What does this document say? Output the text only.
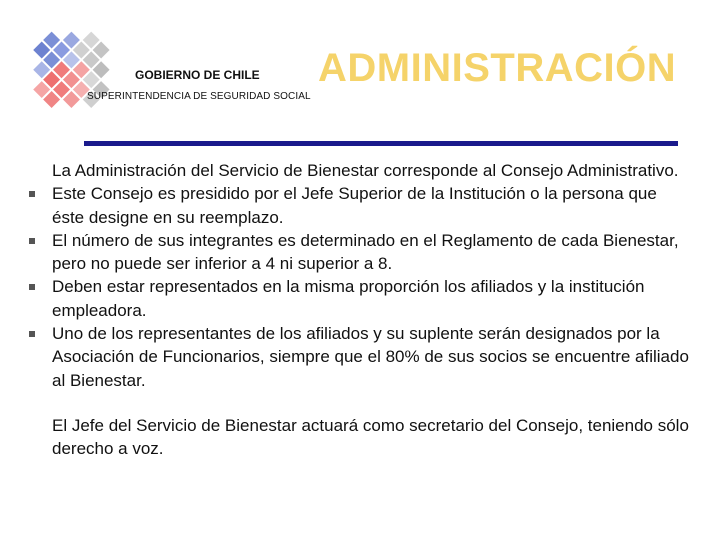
GOBIERNO DE CHILE
SUPERINTENDENCIA DE SEGURIDAD SOCIAL
ADMINISTRACIÓN

La Administración del Servicio de Bienestar corresponde al Consejo Administrativo.

Este Consejo es presidido por el Jefe Superior de la Institución o la persona que éste designe en su reemplazo.

El número de sus integrantes es determinado en el Reglamento de cada Bienestar, pero no puede ser inferior a 4 ni superior a 8.

Deben estar representados en la misma proporción los afiliados y la institución empleadora.

Uno de los representantes de los afiliados y su suplente serán designados por la Asociación de Funcionarios, siempre que el 80% de sus socios se encuentre afiliado al Bienestar.

El Jefe del Servicio de Bienestar actuará como secretario del Consejo, teniendo sólo derecho a voz.
